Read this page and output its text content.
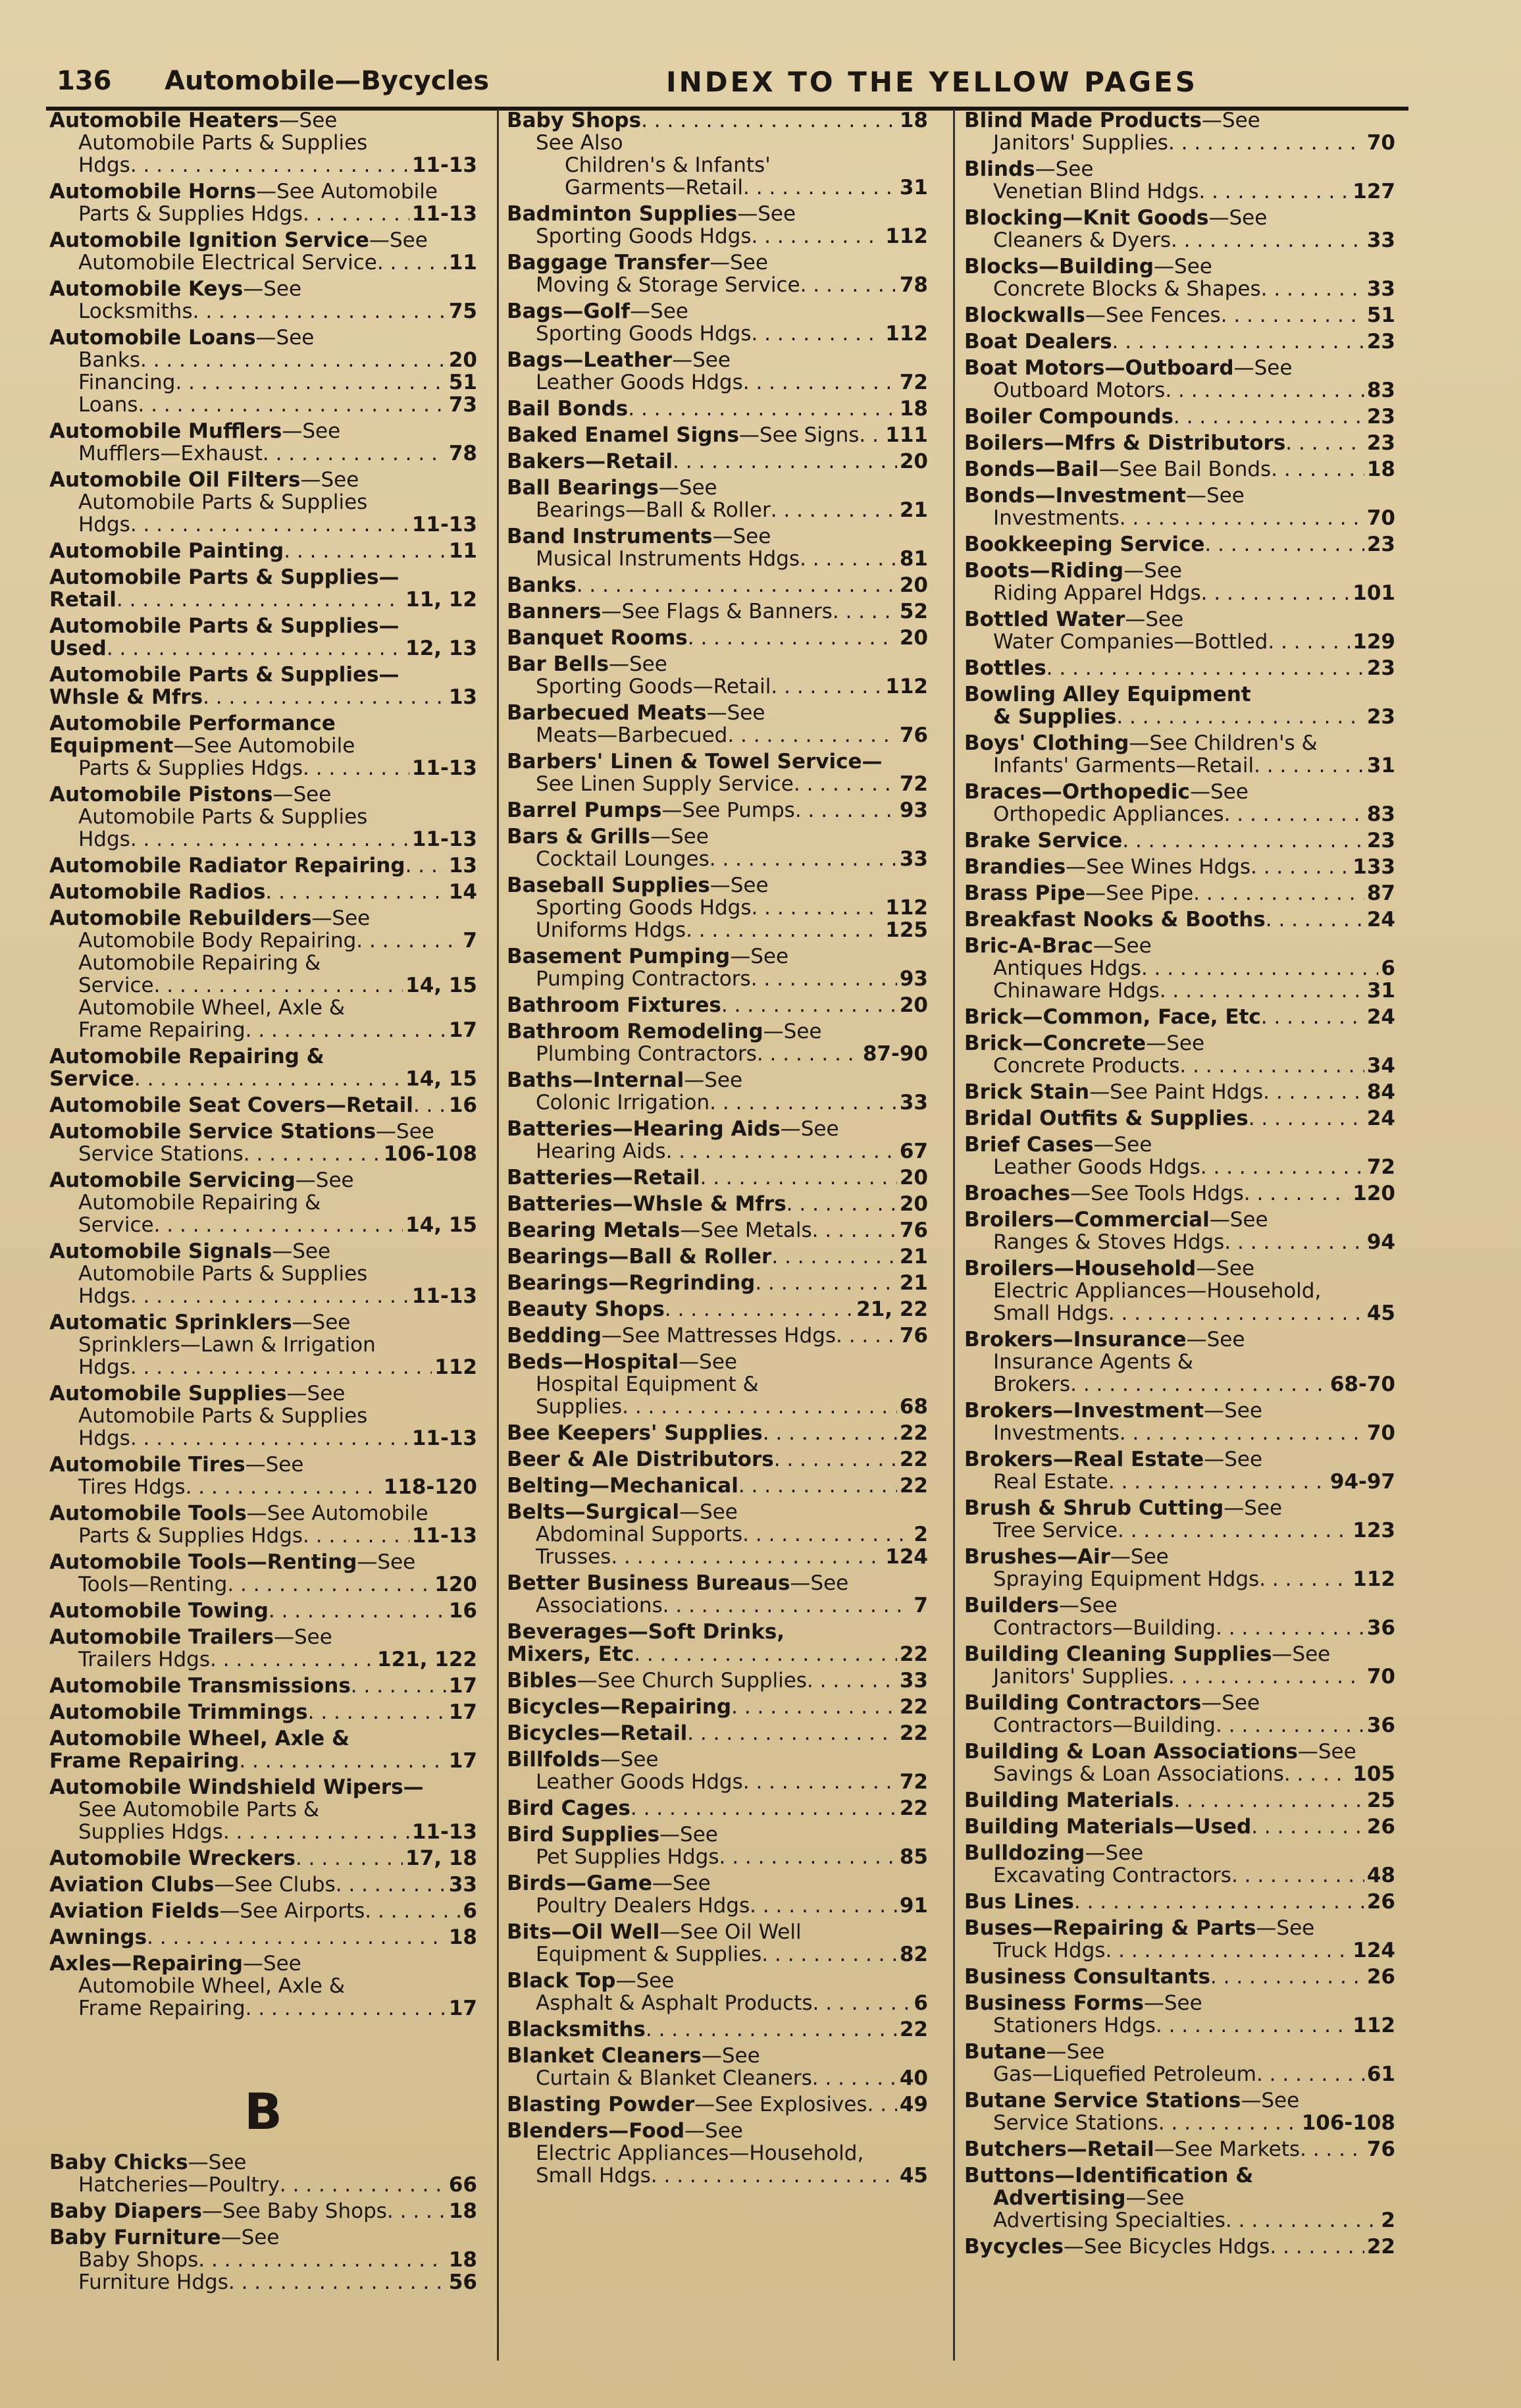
136 Automobile—Bycycles	INDEX TO THE YELLOW PAGES
Automobile Heaters—See
Automobile Parts & Supplies
Hdgs . . .	11-13
Automobile Horns—See Automobile
Parts & Supplies Hdgs . . .	11-13
Automobile Ignition Service—See
Automobile Electrical Service . . .	11
Automobile Keys—See
Locksmiths . . .	75
Automobile Loans—See
Banks . . .	20
Financing . . .	51
Loans . . .	73
Automobile Mufflers—See
Mufflers—Exhaust . . .	78
Automobile Oil Filters—See
Automobile Parts & Supplies
Hdgs . . .	11-13
Automobile Painting . . .	11
Automobile Parts & Supplies—
Retail . . .	11, 12
Automobile Parts & Supplies—
Used . . .	12, 13
Automobile Parts & Supplies—
Whsle & Mfrs . . .	13
Automobile Performance
Equipment—See Automobile
Parts & Supplies Hdgs . . .	11-13
Automobile Pistons—See
Automobile Parts & Supplies
Hdgs . . .	11-13
Automobile Radiator Repairing . . . 13
Automobile Radios . . .	14
Automobile Rebuilders—See
Automobile Body Repairing . . .	7
Automobile Repairing &
Service . . .	14, 15
Automobile Wheel, Axle &
Frame Repairing . . .	17
Automobile Repairing &
Service . . .	14, 15
Automobile Seat Covers—Retail . . . 16
Automobile Service Stations—See
Service Stations . . .	106-108
Automobile Servicing—See
Automobile Repairing &
Service . . .	14, 15
Automobile Signals—See
Automobile Parts & Supplies
Hdgs . . .	11-13
Automatic Sprinklers—See
Sprinklers—Lawn & Irrigation
Hdgs . . .	112
Automobile Supplies—See
Automobile Parts & Supplies
Hdgs . . .	11-13
Automobile Tires—See
Tires Hdgs . . .	118-120
Automobile Tools—See Automobile
Parts & Supplies Hdgs . . .	11-13
Automobile Tools—Renting—See
Tools—Renting . . .	120
Automobile Towing . . .	16
Automobile Trailers—See
Trailers Hdgs . . .	121, 122
Automobile Transmissions . . .	17
Automobile Trimmings . . .	17
Automobile Wheel, Axle &
Frame Repairing . . .	17
Automobile Windshield Wipers—
See Automobile Parts &
Supplies Hdgs . . .	11-13
Automobile Wreckers . . .	17, 18
Aviation Clubs—See Clubs . . .	33
Aviation Fields—See Airports . . .	6
Awnings . . .	18
Axles—Repairing—See
Automobile Wheel, Axle &
Frame Repairing . . .	17
B
Baby Chicks—See
Hatcheries—Poultry . . .	66
Baby Diapers—See Baby Shops . . .	18
Baby Furniture—See
Baby Shops . . .	18
Furniture Hdgs . . .	56
Baby Shops . . .	18
See Also
Children's & Infants'
Garments—Retail . . .	31
Badminton Supplies—See
Sporting Goods Hdgs . . .	112
Baggage Transfer—See
Moving & Storage Service . . .	78
Bags—Golf—See
Sporting Goods Hdgs . . .	112
Bags—Leather—See
Leather Goods Hdgs . . .	72
Bail Bonds . . .	18
Baked Enamel Signs—See Signs . . . 111
Bakers—Retail . . .	20
Ball Bearings—See
Bearings—Ball & Roller . . .	21
Band Instruments—See
Musical Instruments Hdgs . . .	81
Banks . . .	20
Banners—See Flags & Banners . . .	52
Banquet Rooms . . .	20
Bar Bells—See
Sporting Goods—Retail . . .	112
Barbecued Meats—See
Meats—Barbecued . . .	76
Barbers' Linen & Towel Service—
See Linen Supply Service . . .	72
Barrel Pumps—See Pumps . . .	93
Bars & Grills—See
Cocktail Lounges . . .	33
Baseball Supplies—See
Sporting Goods Hdgs . . .	112
Uniforms Hdgs . . .	125
Basement Pumping—See
Pumping Contractors . . .	93
Bathroom Fixtures . . .	20
Bathroom Remodeling—See
Plumbing Contractors . . .	87-90
Baths—Internal—See
Colonic Irrigation . . .	33
Batteries—Hearing Aids—See
Hearing Aids . . .	67
Batteries—Retail . . .	20
Batteries—Whsle & Mfrs . . .	20
Bearing Metals—See Metals . . .	76
Bearings—Ball & Roller . . .	21
Bearings—Regrinding . . .	21
Beauty Shops . . .	21, 22
Bedding—See Mattresses Hdgs . . .	76
Beds—Hospital—See
Hospital Equipment &
Supplies . . .	68
Bee Keepers' Supplies . . .	22
Beer & Ale Distributors . . .	22
Belting—Mechanical . . .	22
Belts—Surgical—See
Abdominal Supports . . .	2
Trusses . . .	124
Better Business Bureaus—See
Associations . . .	7
Beverages—Soft Drinks,
Mixers, Etc . . .	22
Bibles—See Church Supplies . . .	33
Bicycles—Repairing . . .	22
Bicycles—Retail . . .	22
Billfolds—See
Leather Goods Hdgs . . .	72
Bird Cages . . .	22
Bird Supplies—See
Pet Supplies Hdgs . . .	85
Birds—Game—See
Poultry Dealers Hdgs . . .	91
Bits—Oil Well—See Oil Well
Equipment & Supplies . . .	82
Black Top—See
Asphalt & Asphalt Products . . .	6
Blacksmiths . . .	22
Blanket Cleaners—See
Curtain & Blanket Cleaners . . .	40
Blasting Powder—See Explosives . . . 49
Blenders—Food—See
Electric Appliances—Household,
Small Hdgs . . .	45
Blind Made Products—See
Janitors' Supplies . . .	70
Blinds—See
Venetian Blind Hdgs . . .	127
Blocking—Knit Goods—See
Cleaners & Dyers . . .	33
Blocks—Building—See
Concrete Blocks & Shapes . . .	33
Blockwalls—See Fences . . .	51
Boat Dealers . . .	23
Boat Motors—Outboard—See
Outboard Motors . . .	83
Boiler Compounds . . .	23
Boilers—Mfrs & Distributors . . .	23
Bonds—Bail—See Bail Bonds . . .	18
Bonds—Investment—See
Investments . . .	70
Bookkeeping Service . . .	23
Boots—Riding—See
Riding Apparel Hdgs . . .	101
Bottled Water—See
Water Companies—Bottled . . .	129
Bottles . . .	23
Bowling Alley Equipment
& Supplies . . .	23
Boys' Clothing—See Children's &
Infants' Garments—Retail . . .	31
Braces—Orthopedic—See
Orthopedic Appliances . . .	83
Brake Service . . .	23
Brandies—See Wines Hdgs . . .	133
Brass Pipe—See Pipe . . .	87
Breakfast Nooks & Booths . . .	24
Bric-A-Brac—See
Antiques Hdgs . . .	6
Chinaware Hdgs . . .	31
Brick—Common, Face, Etc . . .	24
Brick—Concrete—See
Concrete Products . . .	34
Brick Stain—See Paint Hdgs . . .	84
Bridal Outfits & Supplies . . .	24
Brief Cases—See
Leather Goods Hdgs . . .	72
Broaches—See Tools Hdgs . . .	120
Broilers—Commercial—See
Ranges & Stoves Hdgs . . .	94
Broilers—Household—See
Electric Appliances—Household,
Small Hdgs . . .	45
Brokers—Insurance—See
Insurance Agents &
Brokers . . .	68-70
Brokers—Investment—See
Investments . . .	70
Brokers—Real Estate—See
Real Estate . . .	94-97
Brush & Shrub Cutting—See
Tree Service . . .	123
Brushes—Air—See
Spraying Equipment Hdgs . . .	112
Builders—See
Contractors—Building . . .	36
Building Cleaning Supplies—See
Janitors' Supplies . . .	70
Building Contractors—See
Contractors—Building . . .	36
Building & Loan Associations—See
Savings & Loan Associations . . .	105
Building Materials . . .	25
Building Materials—Used . . .	26
Bulldozing—See
Excavating Contractors . . .	48
Bus Lines . . .	26
Buses—Repairing & Parts—See
Truck Hdgs . . .	124
Business Consultants . . .	26
Business Forms—See
Stationers Hdgs . . .	112
Butane—See
Gas—Liquefied Petroleum . . .	61
Butane Service Stations—See
Service Stations . . .	106-108
Butchers—Retail—See Markets . . .	76
Buttons—Identification &
Advertising—See
Advertising Specialties . . .	2
Bycycles—See Bicycles Hdgs . . .	22
